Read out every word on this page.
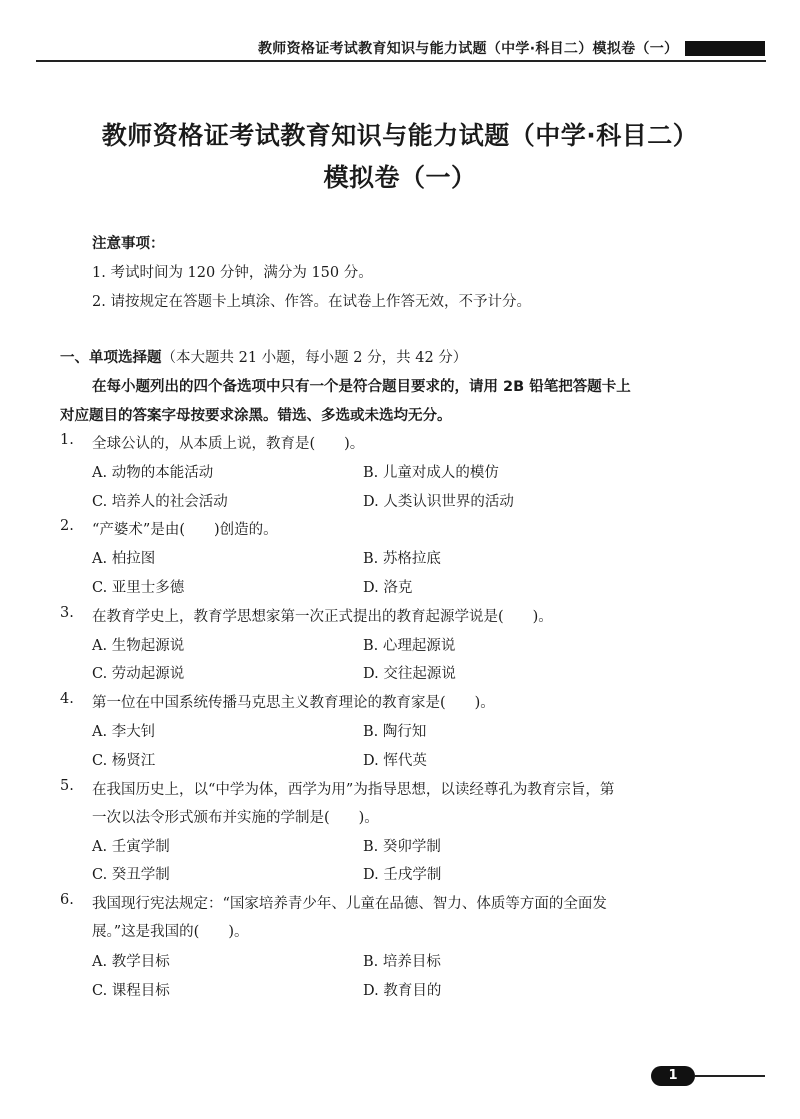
教师资格证考试教育知识与能力试题（中学·科目二）模拟卷（一）
教师资格证考试教育知识与能力试题（中学·科目二）
模拟卷（一）
注意事项：
1. 考试时间为 120 分钟，满分为 150 分。
2. 请按规定在答题卡上填涂、作答。在试卷上作答无效，不予计分。
一、单项选择题（本大题共 21 小题，每小题 2 分，共 42 分）
在每小题列出的四个备选项中只有一个是符合题目要求的，请用 2B 铅笔把答题卡上
对应题目的答案字母按要求涂黑。错选、多选或未选均无分。
1. 全球公认的，从本质上说，教育是(　　)。
A. 动物的本能活动	B. 儿童对成人的模仿
C. 培养人的社会活动	D. 人类认识世界的活动
2. “产婆术”是由(　　)创造的。
A. 柏拉图	B. 苏格拉底
C. 亚里士多德	D. 洛克
3. 在教育学史上，教育学思想家第一次正式提出的教育起源学说是(　　)。
A. 生物起源说	B. 心理起源说
C. 劳动起源说	D. 交往起源说
4. 第一位在中国系统传播马克思主义教育理论的教育家是(　　)。
A. 李大钊	B. 陶行知
C. 杨贤江	D. 恽代英
5. 在我国历史上，以“中学为体，西学为用”为指导思想，以读经尊孔为教育宗旨，第
一次以法令形式颁布并实施的学制是(　　)。
A. 壬寅学制	B. 癸卯学制
C. 癸丑学制	D. 壬戌学制
6. 我国现行宪法规定：“国家培养青少年、儿童在品德、智力、体质等方面的全面发
展。”这是我国的(　　)。
A. 教学目标	B. 培养目标
C. 课程目标	D. 教育目的
1
